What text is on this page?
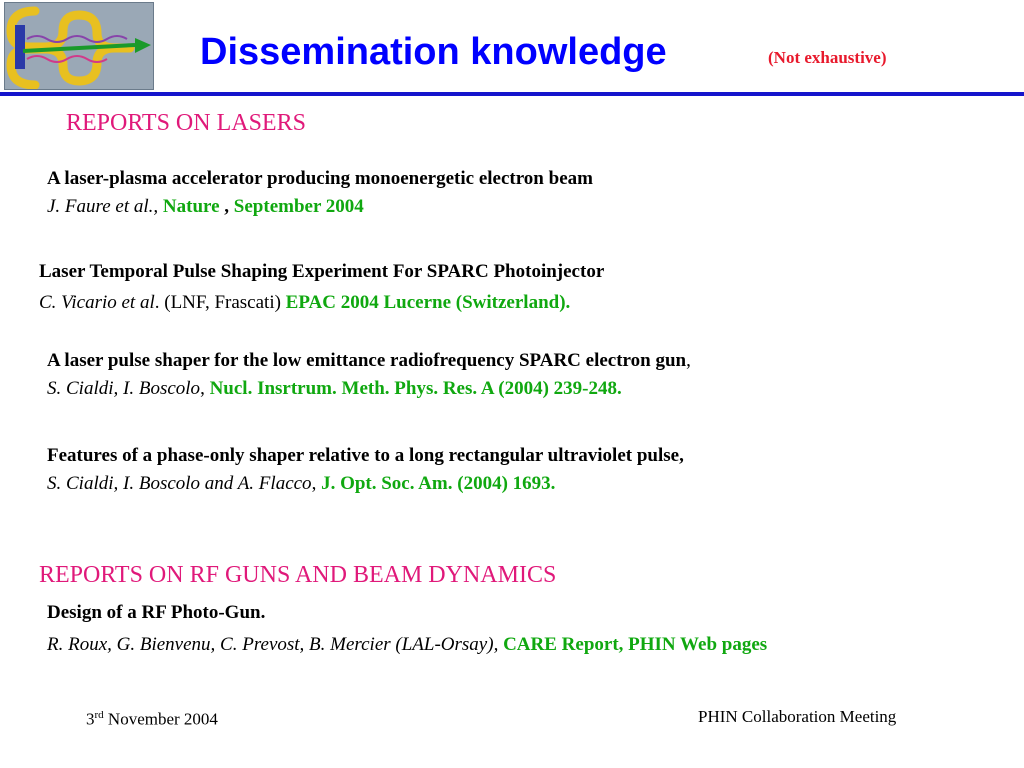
Dissemination knowledge	(Not exhaustive)
REPORTS ON LASERS
A laser-plasma accelerator producing monoenergetic electron beam
J. Faure et al., Nature , September 2004
Laser Temporal Pulse Shaping Experiment For SPARC Photoinjector
C. Vicario et al. (LNF, Frascati) EPAC 2004 Lucerne (Switzerland).
A laser pulse shaper for the low emittance radiofrequency SPARC electron gun,
S. Cialdi, I. Boscolo, Nucl. Insrtrum. Meth. Phys. Res. A (2004) 239-248.
Features of a phase-only shaper relative to a long rectangular ultraviolet pulse,
S. Cialdi, I. Boscolo and A. Flacco, J. Opt. Soc. Am. (2004) 1693.
REPORTS ON RF GUNS AND BEAM DYNAMICS
Design of a RF Photo-Gun.
R. Roux, G. Bienvenu, C. Prevost, B. Mercier (LAL-Orsay), CARE Report, PHIN Web pages
3rd November 2004	PHIN Collaboration Meeting
